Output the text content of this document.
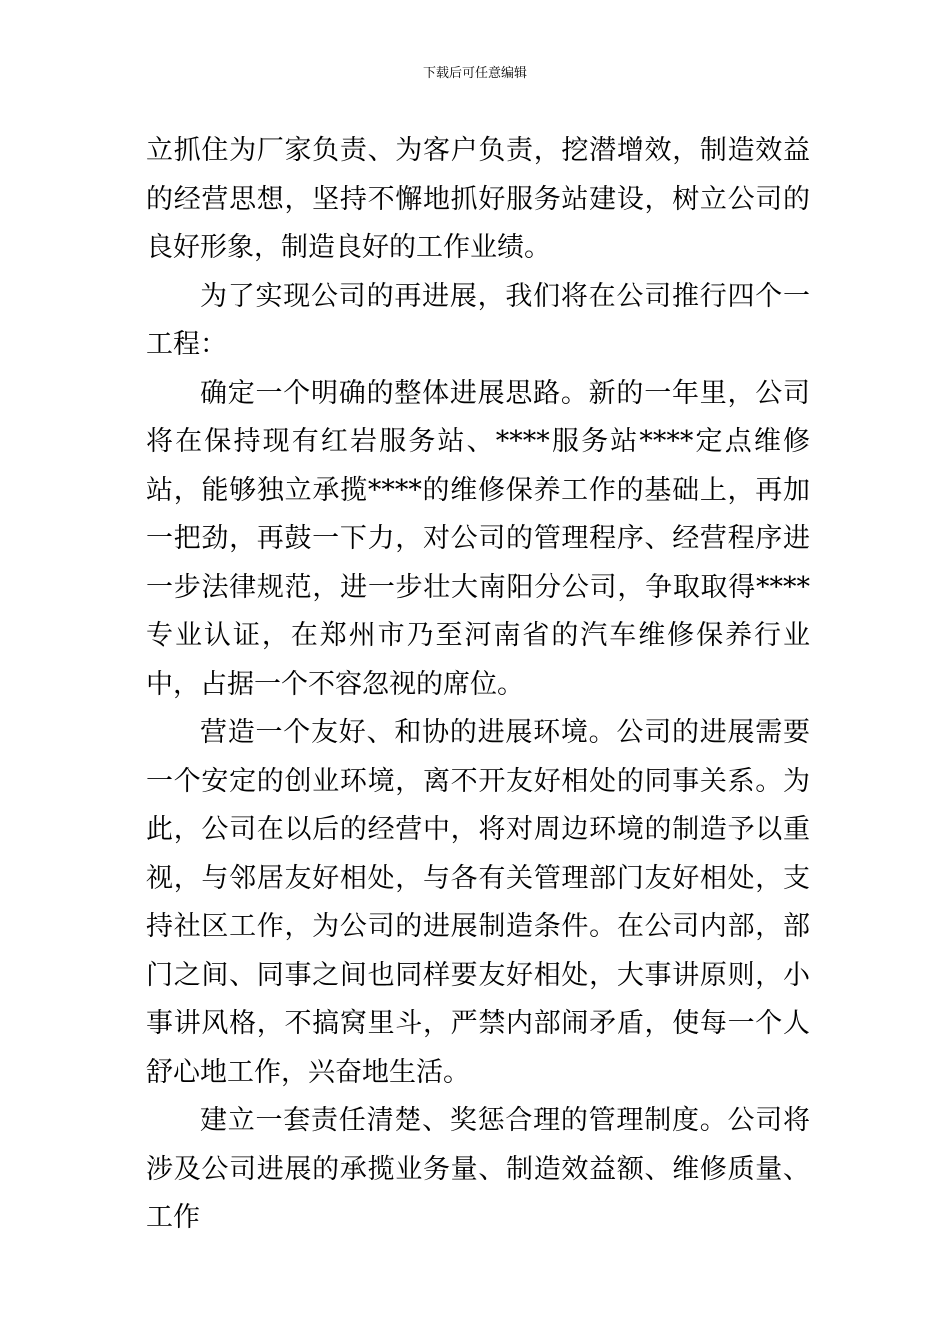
下载后可任意编辑

立抓住为厂家负责、为客户负责，挖潜增效，制造效益的经营思想，坚持不懈地抓好服务站建设，树立公司的良好形象，制造良好的工作业绩。

为了实现公司的再进展，我们将在公司推行四个一工程：

确定一个明确的整体进展思路。新的一年里，公司将在保持现有红岩服务站、****服务站****定点维修站，能够独立承揽****的维修保养工作的基础上，再加一把劲，再鼓一下力，对公司的管理程序、经营程序进一步法律规范，进一步壮大南阳分公司，争取取得****专业认证，在郑州市乃至河南省的汽车维修保养行业中，占据一个不容忽视的席位。

营造一个友好、和协的进展环境。公司的进展需要一个安定的创业环境，离不开友好相处的同事关系。为此，公司在以后的经营中，将对周边环境的制造予以重视，与邻居友好相处，与各有关管理部门友好相处，支持社区工作，为公司的进展制造条件。在公司内部，部门之间、同事之间也同样要友好相处，大事讲原则，小事讲风格，不搞窝里斗，严禁内部闹矛盾，使每一个人舒心地工作，兴奋地生活。

建立一套责任清楚、奖惩合理的管理制度。公司将涉及公司进展的承揽业务量、制造效益额、维修质量、工作
